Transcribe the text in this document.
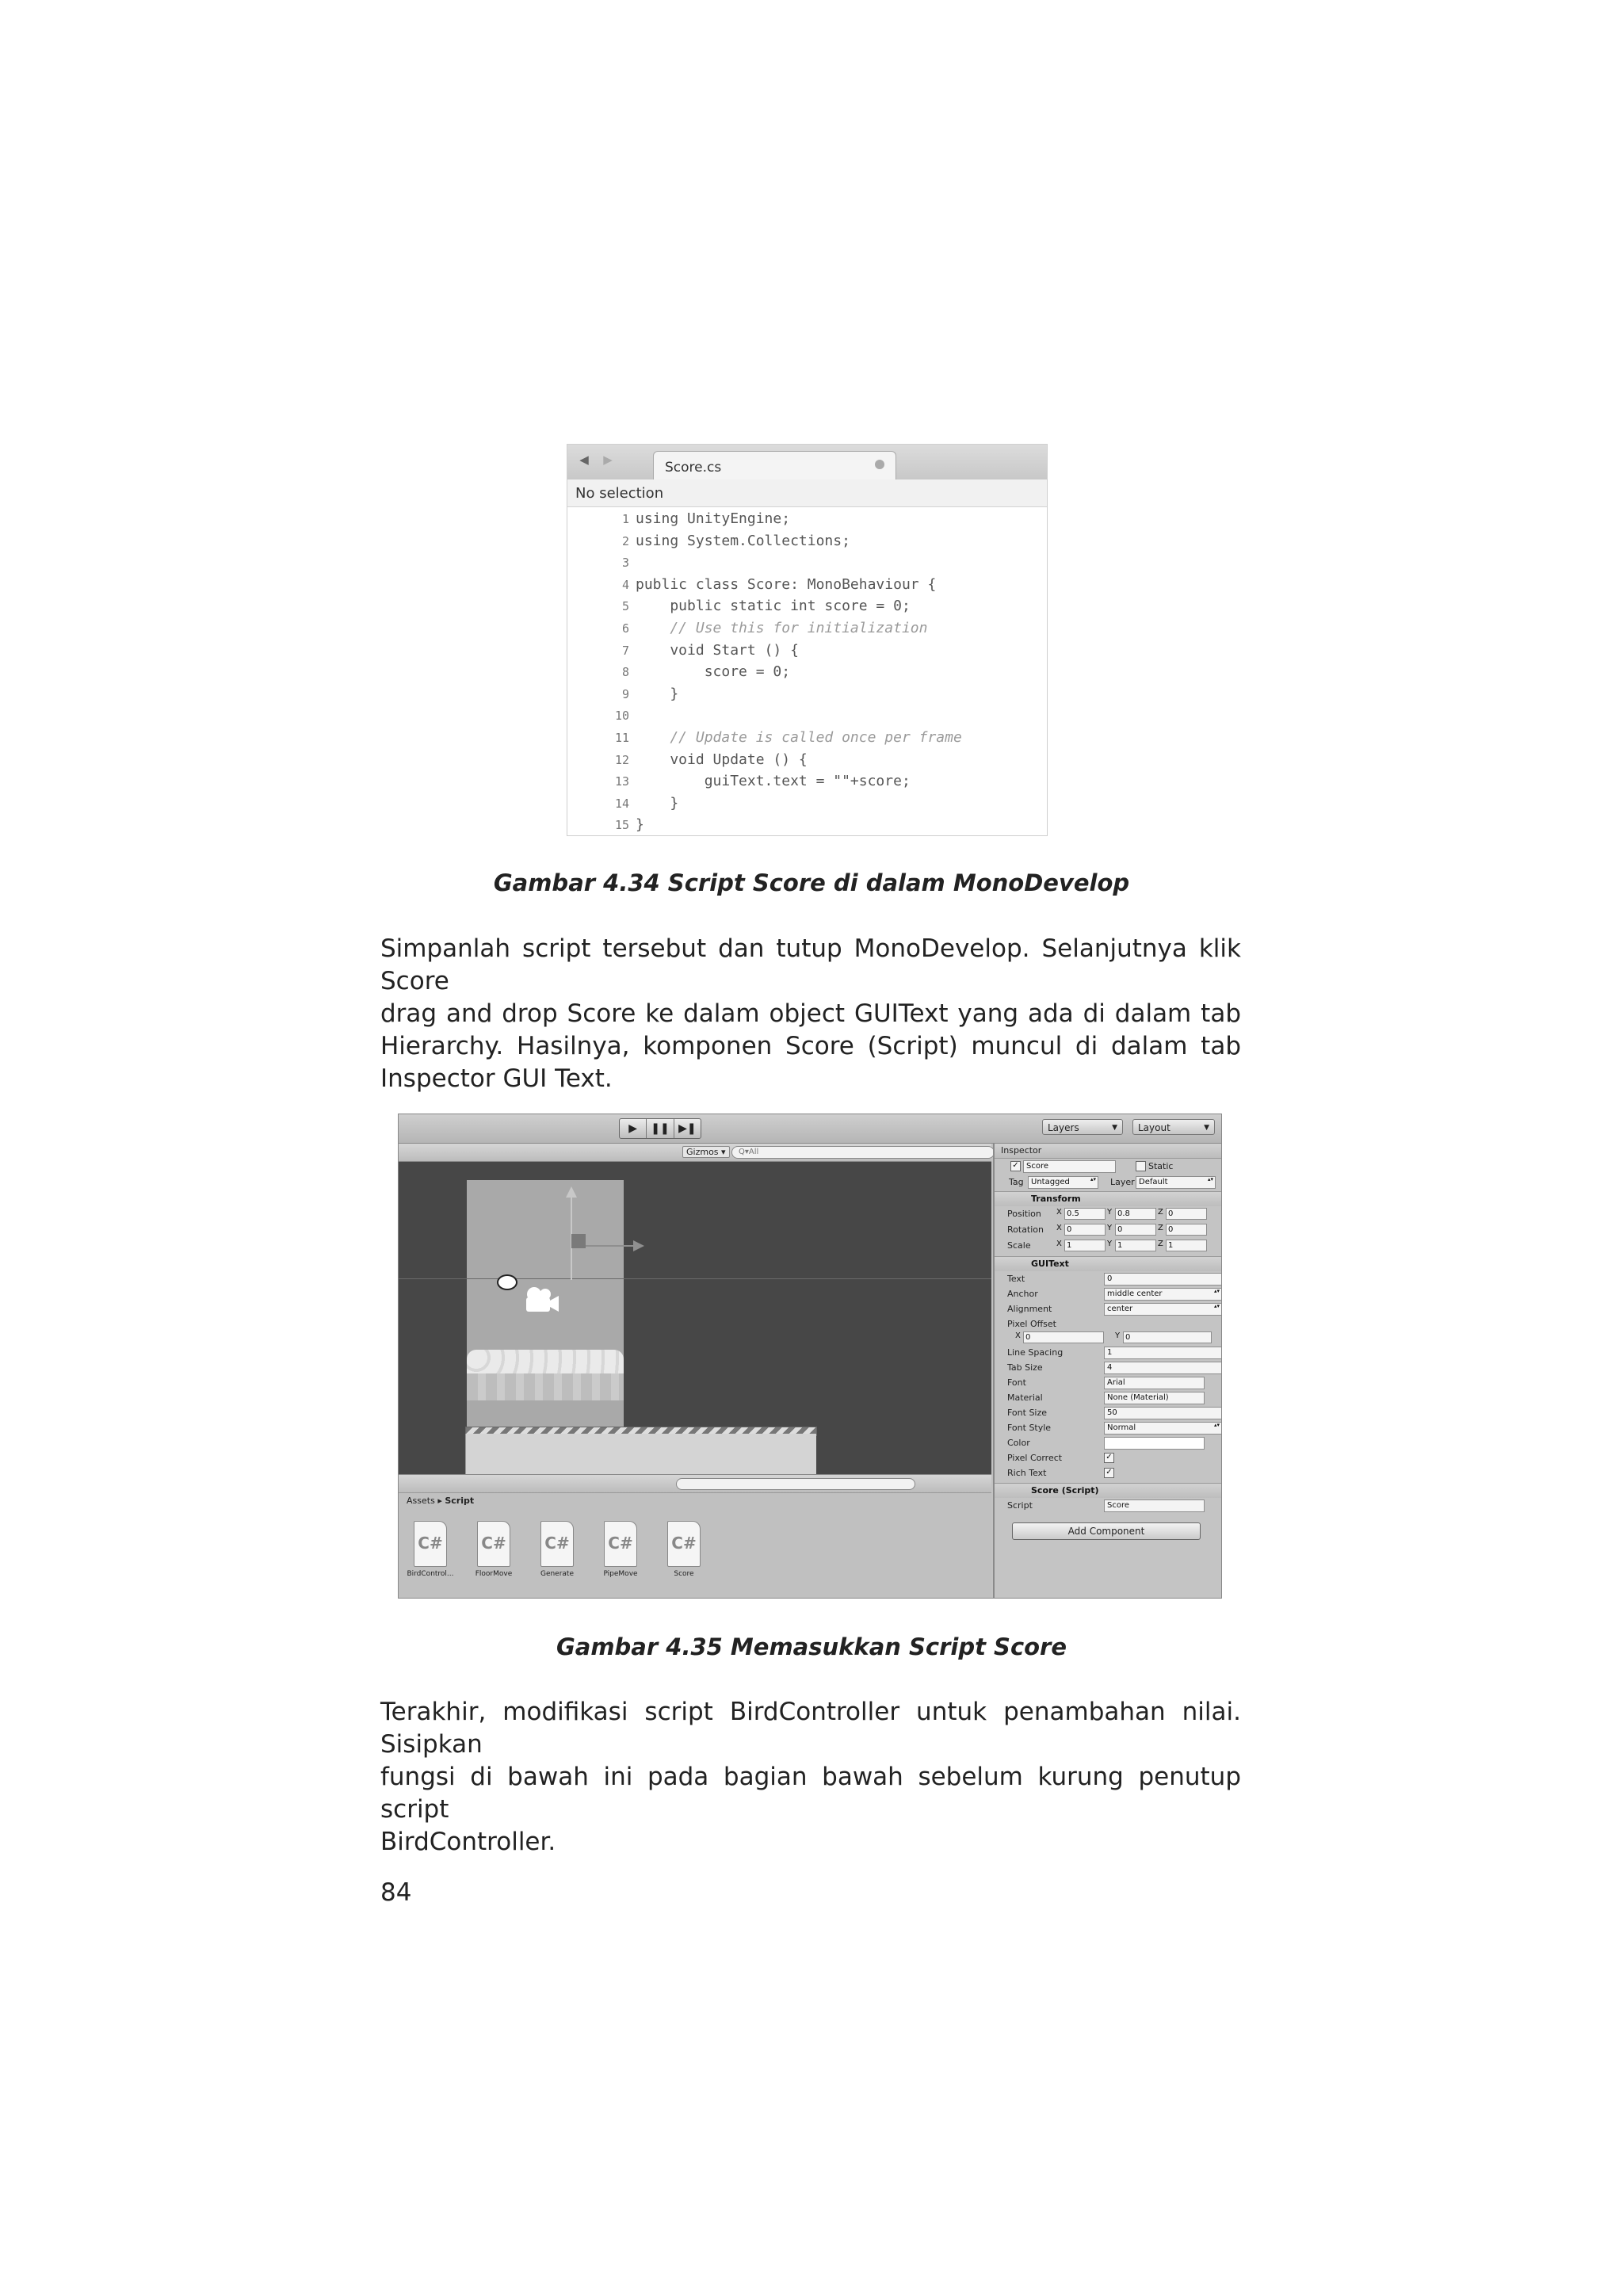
◀ ▶	Score.cs
No selection
1 using UnityEngine;
2 using System.Collections;
3
4 public class Score: MonoBehaviour {
5 public static int score = 0;
6 // Use this for initialization
7 void Start () {
8 score = 0;
9 }
10
11 // Update is called once per frame
12 void Update () {
13 guiText.text = ""+score;
14 }
15 }
Gambar 4.34 Script Score di dalam MonoDevelop
Simpanlah script tersebut dan tutup MonoDevelop. Selanjutnya klik Score
drag and drop Score ke dalam object GUIText yang ada di dalam tab
Hierarchy. Hasilnya, komponen Score (Script) muncul di dalam tab
Inspector GUI Text.
▶	❚❚ ▶❚	Layers	▼	Layout	▼
Gizmos ▾	Q▾All
Assets ▸ Script
C#
BirdControl...
C#
FloorMove
C#
Generate
C#
PipeMove
C#
Score
Inspector
✓ Score	Static
Tag Untagged ▴▾	Layer Default ▴▾
Transform
Position X 0.5	Y 0.8	Z 0
Rotation X 0	Y 0	Z 0
Scale	X 1	Y 1	Z 1
GUIText
Text	0
Anchor	middle center ▴▾
Alignment	center ▴▾
Pixel Offset
X 0	Y 0
Line Spacing	1
Tab Size	4
Font	Arial
Material	None (Material)
Font Size	50
Font Style	Normal ▴▾
Color
Pixel Correct	✓
Rich Text	✓
Score (Script)
Script	Score
Add Component
Gambar 4.35 Memasukkan Script Score
Terakhir, modifikasi script BirdController untuk penambahan nilai. Sisipkan
fungsi di bawah ini pada bagian bawah sebelum kurung penutup script
BirdController.
84
